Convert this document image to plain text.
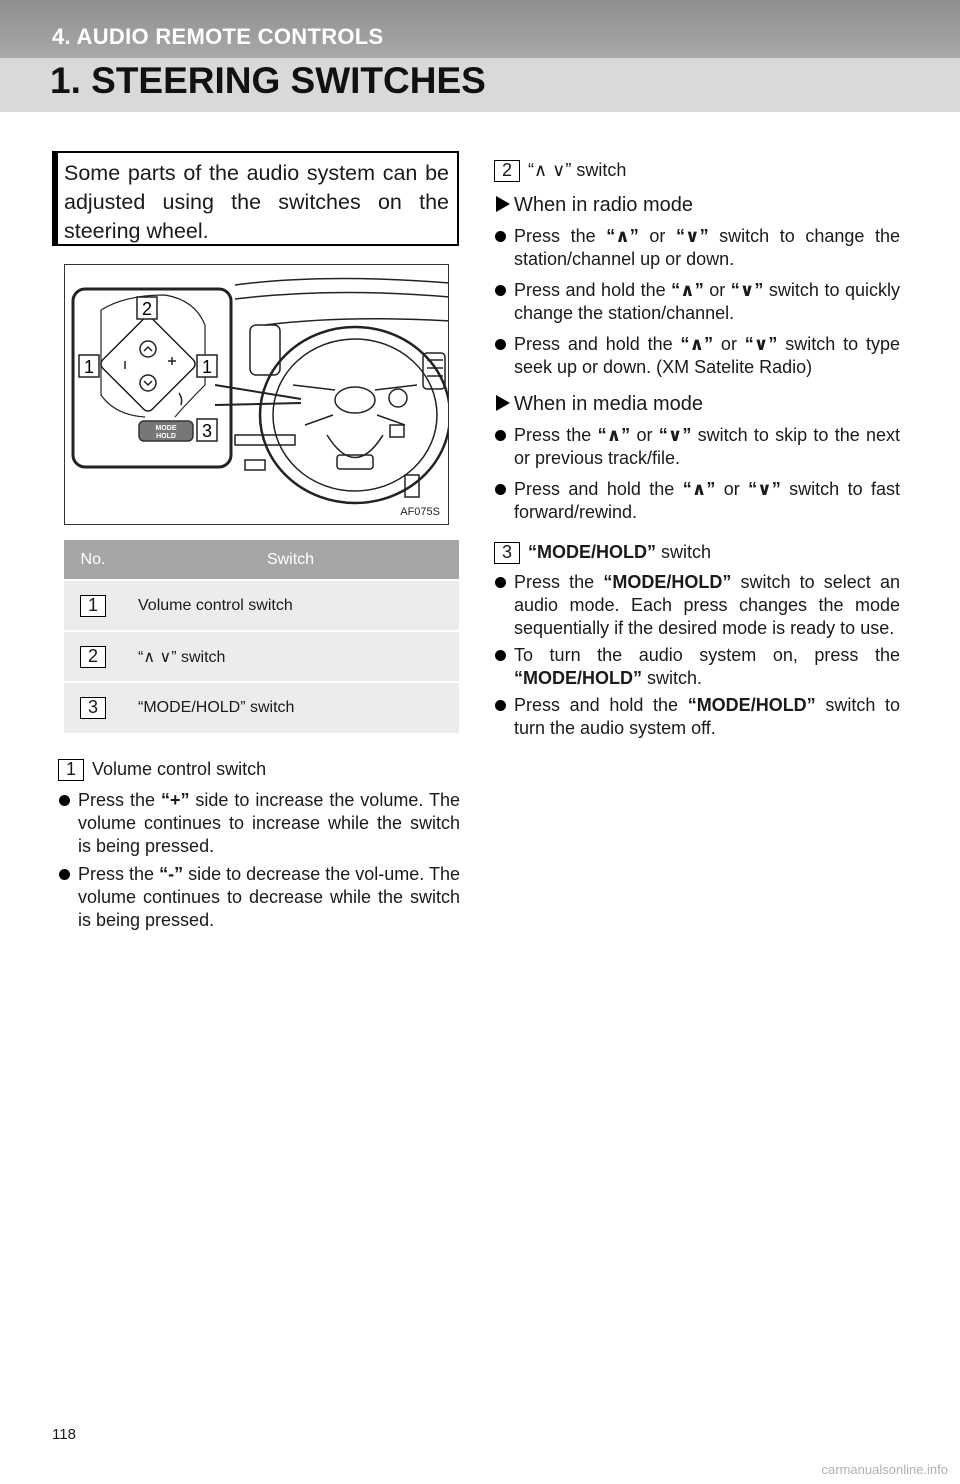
4. AUDIO REMOTE CONTROLS
1. STEERING SWITCHES
Some parts of the audio system can be adjusted using the switches on the steering wheel.
2
1	1
3
MODE
HOLD
AF075S
No.	Switch
1	Volume control switch
2	“∧ ∨” switch
3	“MODE/HOLD” switch
1 Volume control switch
Press the “+” side to increase the volume. The volume continues to increase while the switch is being pressed.
Press the “-” side to decrease the vol-ume. The volume continues to decrease while the switch is being pressed.
2 “∧ ∨” switch
When in radio mode
Press the “∧” or “∨” switch to change the station/channel up or down.
Press and hold the “∧” or “∨” switch to quickly change the station/channel.
Press and hold the “∧” or “∨” switch to type seek up or down. (XM Satelite Radio)
When in media mode
Press the “∧” or “∨” switch to skip to the next or previous track/file.
Press and hold the “∧” or “∨” switch to fast forward/rewind.
3 “MODE/HOLD” switch
Press the “MODE/HOLD” switch to select an audio mode. Each press changes the mode sequentially if the desired mode is ready to use.
To turn the audio system on, press the “MODE/HOLD” switch.
Press and hold the “MODE/HOLD” switch to turn the audio system off.
118
carmanualsonline.info
